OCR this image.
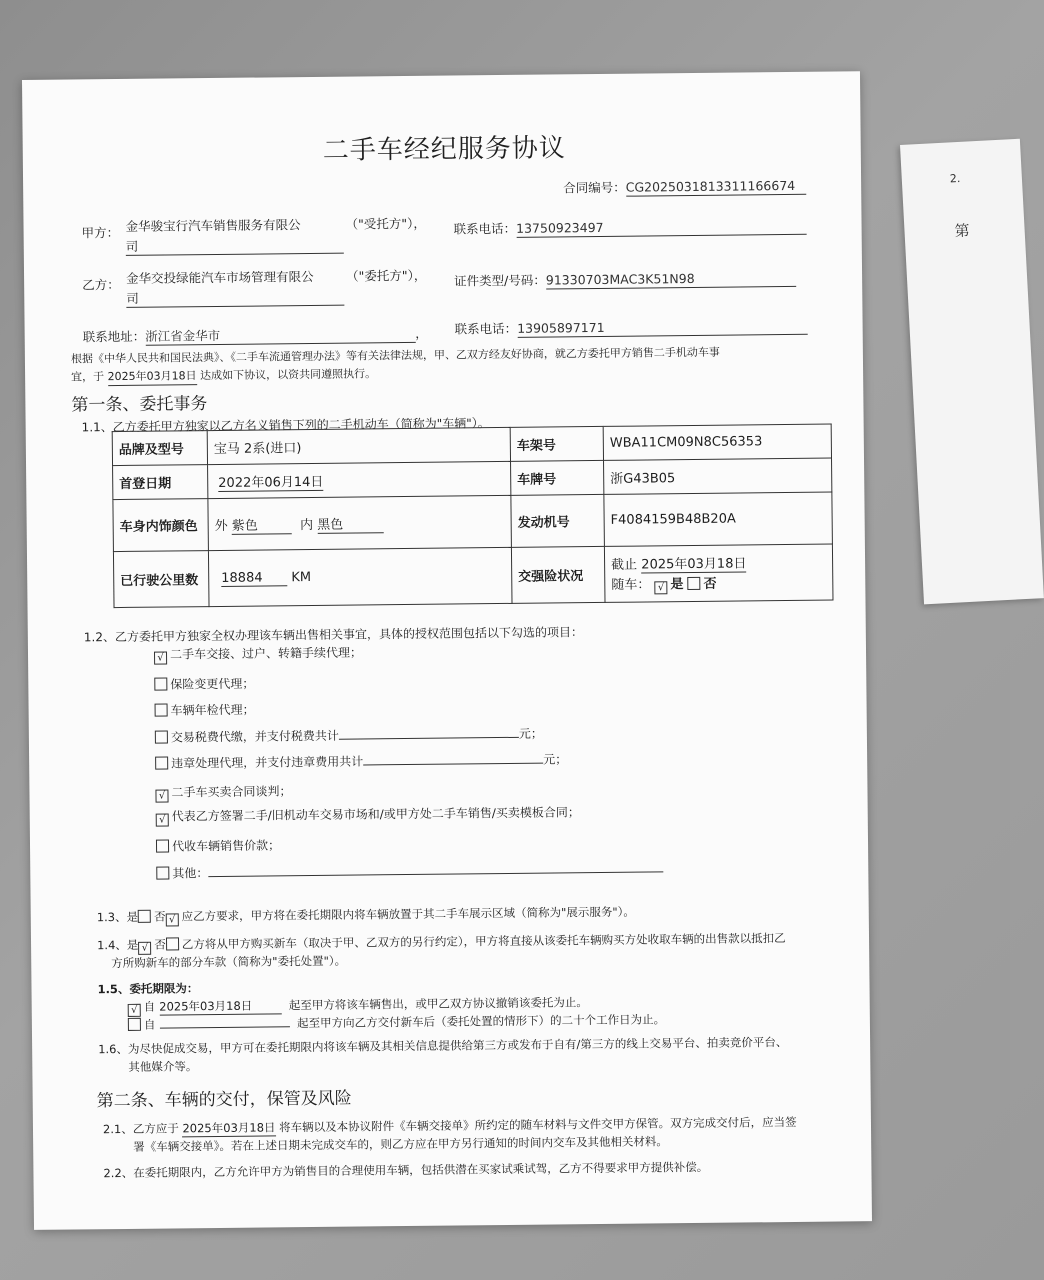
2.
第
二手车经纪服务协议
合同编号：CG2025031813311166674
甲方： 金华骏宝行汽车销售服务有限公
司
（"受托方"）， 联系电话：13750923497
乙方： 金华交投绿能汽车市场管理有限公
司
（"委托方"）， 证件类型/号码：91330703MAC3K51N98
联系地址：浙江省金华市	， 联系电话：13905897171
根据《中华人民共和国民法典》、《二手车流通管理办法》等有关法律法规，甲、乙双方经友好协商，就乙方委托甲方销售二手机动车事
宜，于 2025年03月18日 达成如下协议，以资共同遵照执行。
第一条、委托事务
1.1、乙方委托甲方独家以乙方名义销售下列的二手机动车（简称为"车辆"）。
品牌及型号	宝马 2系(进口)	车架号	WBA11CM09N8C56353
首登日期	2022年06月14日	车牌号	浙G43B05
车身内饰颜色	外 紫色 内 黑色	发动机号	F4084159B48B20A
已行驶公里数	18884 KM	交强险状况	截止 2025年03月18日
随车： √ 是 否
1.2、乙方委托甲方独家全权办理该车辆出售相关事宜，具体的授权范围包括以下勾选的项目：
√ 二手车交接、过户、转籍手续代理；
保险变更代理；
车辆年检代理；
交易税费代缴，并支付税费共计	元；
违章处理代理，并支付违章费用共计	元；
√ 二手车买卖合同谈判；
√ 代表乙方签署二手/旧机动车交易市场和/或甲方处二手车销售/买卖模板合同；
代收车辆销售价款；
其他：
1.3、是 否 √ 应乙方要求，甲方将在委托期限内将车辆放置于其二手车展示区域（简称为"展示服务"）。
1.4、是 √ 否 乙方将从甲方购买新车（取决于甲、乙双方的另行约定），甲方将直接从该委托车辆购买方处收取车辆的出售款以抵扣乙
方所购新车的部分车款（简称为"委托处置"）。
1.5、委托期限为：
√ 自 2025年03月18日	起至甲方将该车辆售出，或甲乙双方协议撤销该委托为止。
自	起至甲方向乙方交付新车后（委托处置的情形下）的二十个工作日为止。
1.6、为尽快促成交易，甲方可在委托期限内将该车辆及其相关信息提供给第三方或发布于自有/第三方的线上交易平台、拍卖竞价平台、
其他媒介等。
第二条、车辆的交付，保管及风险
2.1、乙方应于 2025年03月18日 将车辆以及本协议附件《车辆交接单》所约定的随车材料与文件交甲方保管。双方完成交付后，应当签
署《车辆交接单》。若在上述日期未完成交车的，则乙方应在甲方另行通知的时间内交车及其他相关材料。
2.2、在委托期限内，乙方允许甲方为销售目的合理使用车辆，包括供潜在买家试乘试驾，乙方不得要求甲方提供补偿。
